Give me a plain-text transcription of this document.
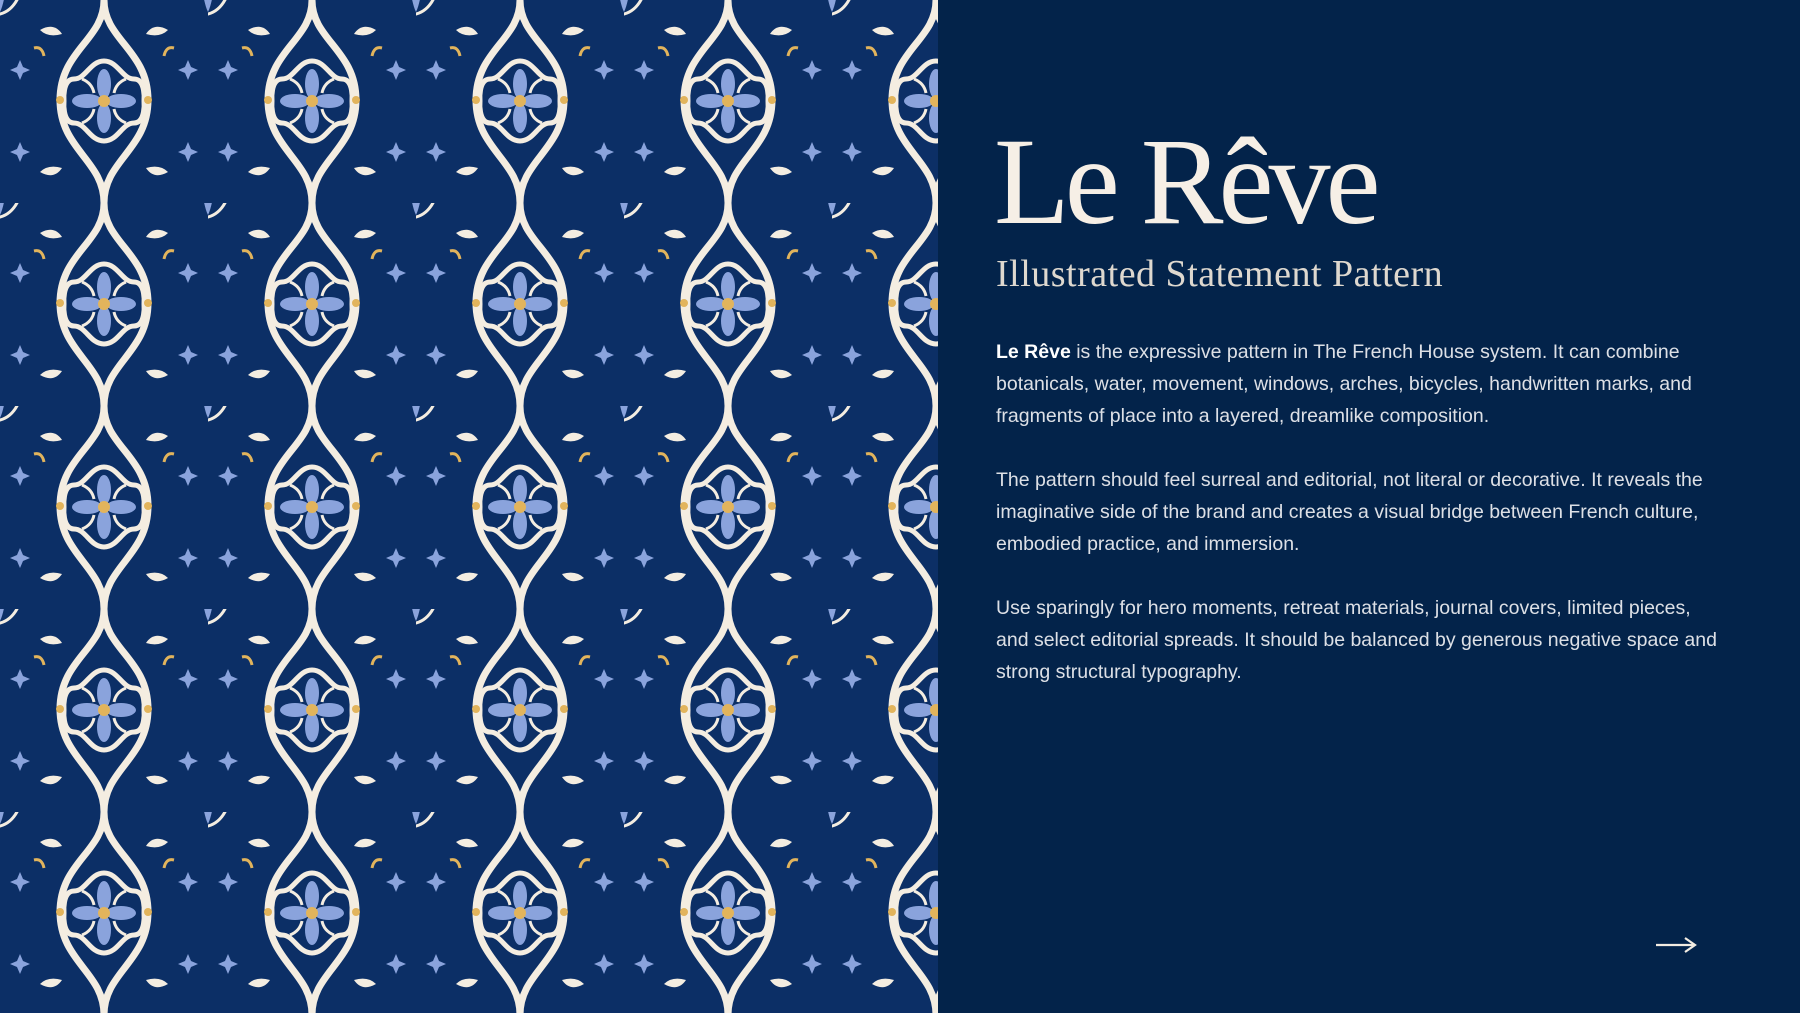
Le Rêve
Illustrated Statement Pattern

Le Rêve is the expressive pattern in The French House system. It can combine botanicals, water, movement, windows, arches, bicycles, handwritten marks, and fragments of place into a layered, dreamlike composition.

The pattern should feel surreal and editorial, not literal or decorative. It reveals the imaginative side of the brand and creates a visual bridge between French culture, embodied practice, and immersion.

Use sparingly for hero moments, retreat materials, journal covers, limited pieces, and select editorial spreads. It should be balanced by generous negative space and strong structural typography.
